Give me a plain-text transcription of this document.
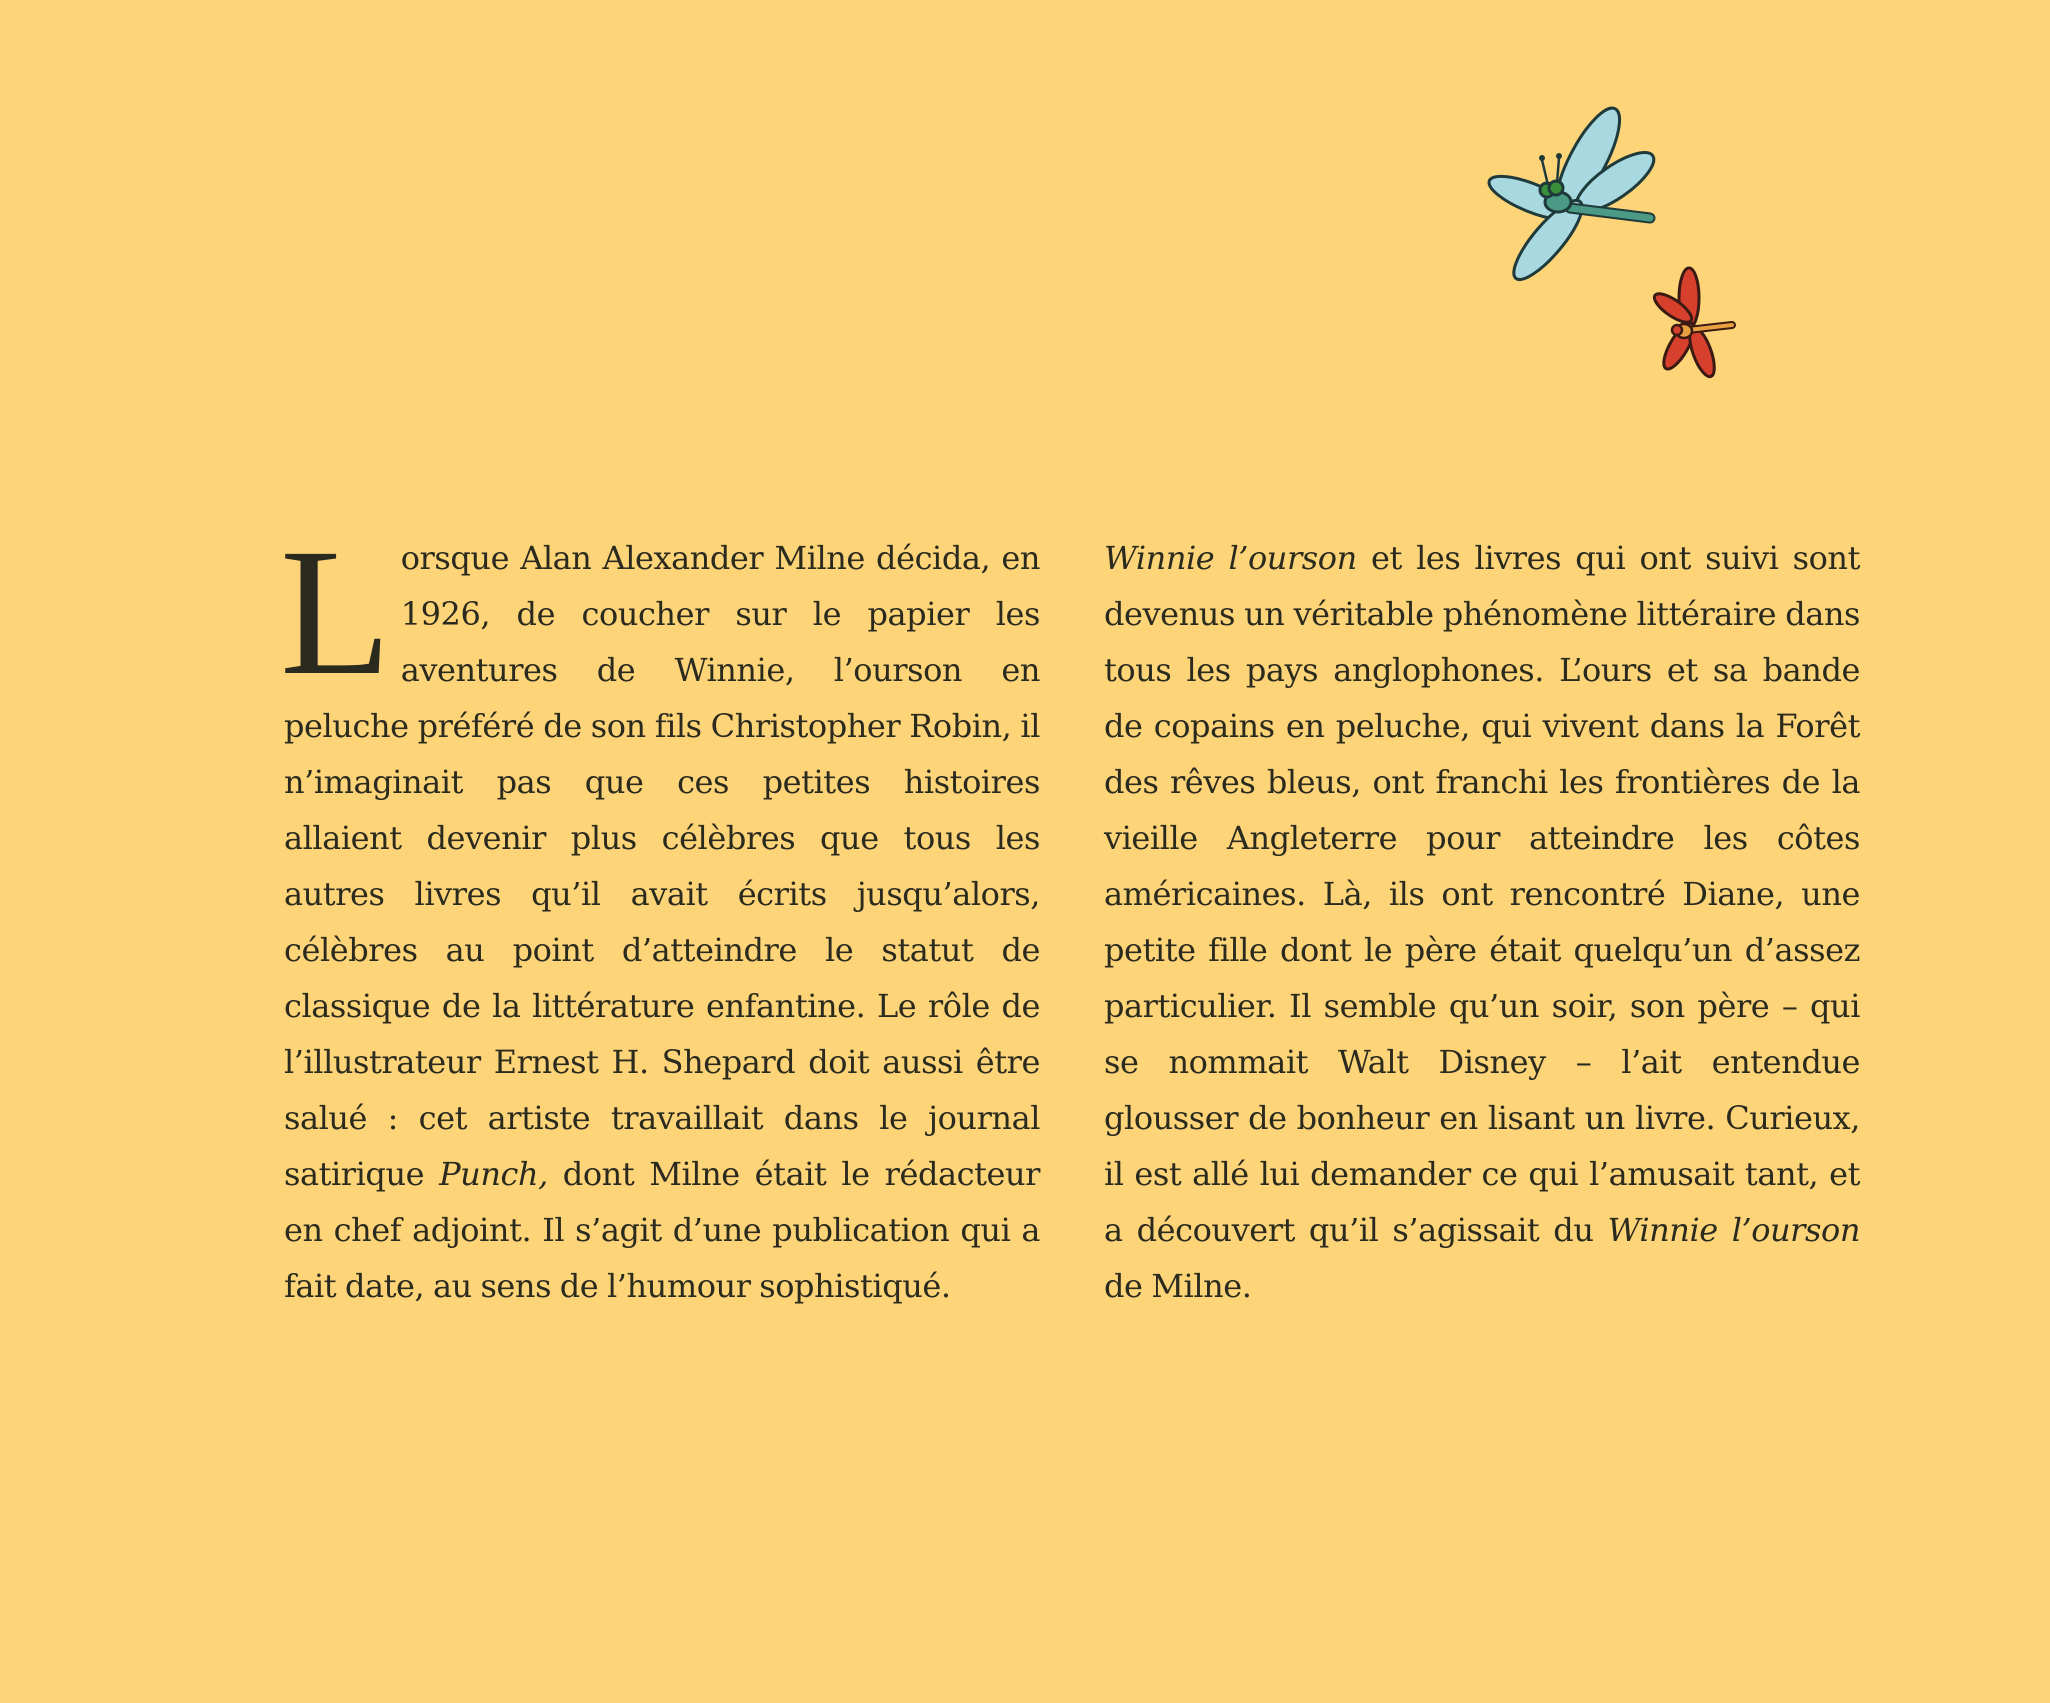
Lorsque Alan Alexander Milne décida, en 1926, de coucher sur le papier les aventures de Winnie, l’ourson en peluche préféré de son fils Christopher Robin, il n’imaginait pas que ces petites histoires allaient devenir plus célèbres que tous les autres livres qu’il avait écrits jusqu’alors, célèbres au point d’atteindre le statut de classique de la littérature enfantine. Le rôle de l’illustrateur Ernest H. Shepard doit aussi être salué : cet artiste travaillait dans le journal satirique Punch, dont Milne était le rédacteur en chef adjoint. Il s’agit d’une publication qui a fait date, au sens de l’humour sophistiqué.

Winnie l’ourson et les livres qui ont suivi sont devenus un véritable phénomène littéraire dans tous les pays anglophones. L’ours et sa bande de copains en peluche, qui vivent dans la Forêt des rêves bleus, ont franchi les frontières de la vieille Angleterre pour atteindre les côtes américaines. Là, ils ont rencontré Diane, une petite fille dont le père était quelqu’un d’assez particulier. Il semble qu’un soir, son père – qui se nommait Walt Disney – l’ait entendue glousser de bonheur en lisant un livre. Curieux, il est allé lui demander ce qui l’amusait tant, et a découvert qu’il s’agissait du Winnie l’ourson de Milne.
